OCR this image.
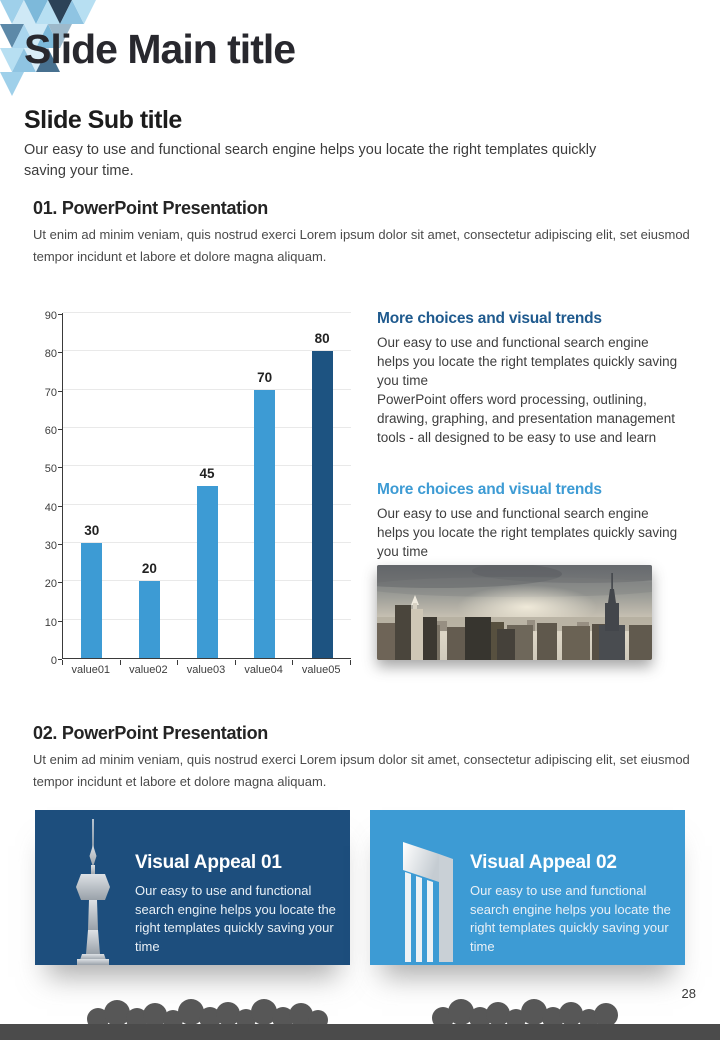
Slide Main title
Slide Sub title
Our easy to use and functional search engine helps you locate the right templates quickly saving your time.
01. PowerPoint Presentation
Ut enim ad minim veniam, quis nostrud exerci Lorem ipsum dolor sit amet, consectetur adipiscing elit, set eiusmod tempor incidunt et labore et dolore magna aliquam.
30
20
45
70
80
0
10
20
30
40
50
60
70
80
90
value01	value02	value03	value04	value05
More choices and visual trends
Our easy to use and functional search engine helps you locate the right templates quickly saving you time
PowerPoint offers word processing, outlining, drawing, graphing, and presentation management tools - all designed to be easy to use and learn
More choices and visual trends
Our easy to use and functional search engine helps you locate the right templates quickly saving you time
02. PowerPoint Presentation
Ut enim ad minim veniam, quis nostrud exerci Lorem ipsum dolor sit amet, consectetur adipiscing elit, set eiusmod tempor incidunt et labore et dolore magna aliquam.
Visual Appeal 01
Our easy to use and functional search engine helps you locate the right templates quickly saving your time
Visual Appeal 02
Our easy to use and functional search engine helps you locate the right templates quickly saving your time
28
